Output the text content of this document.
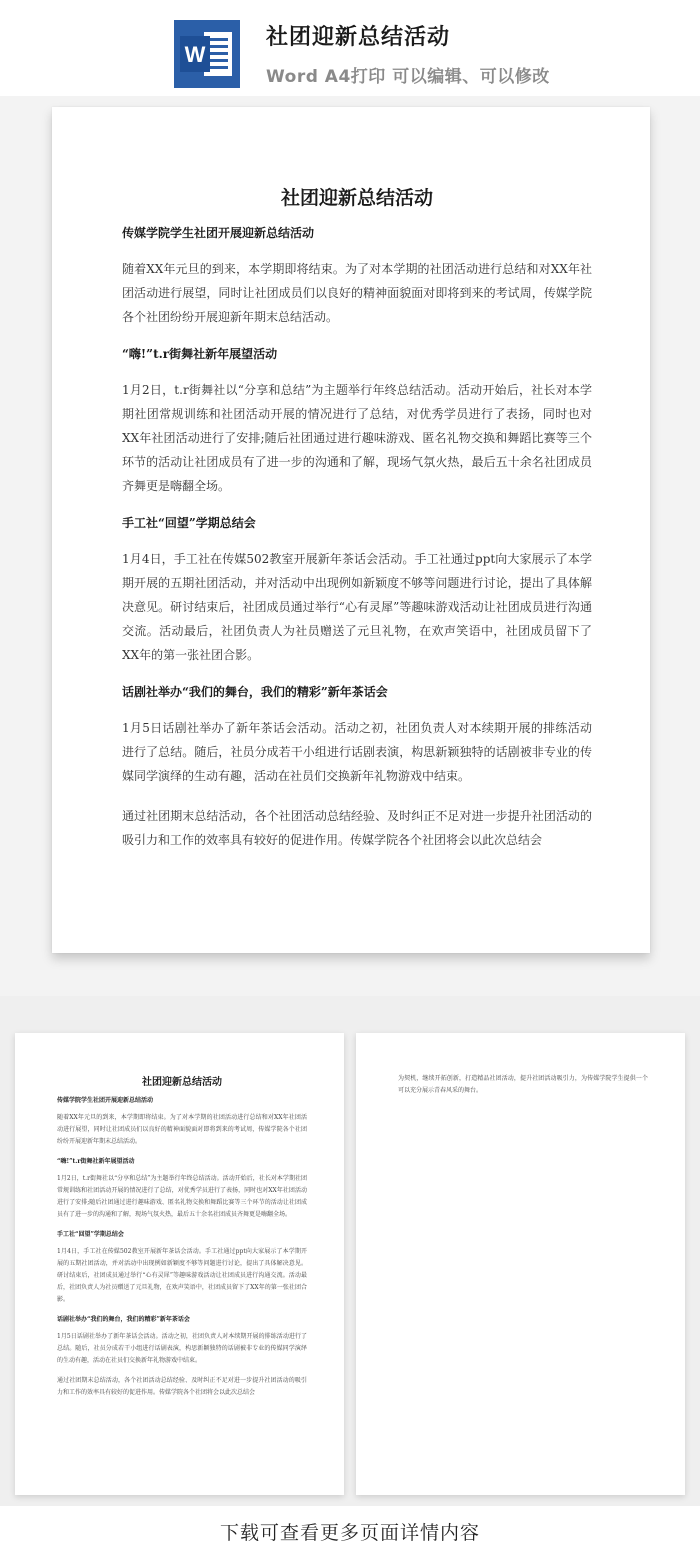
W
社团迎新总结活动
Word A4打印 可以编辑、可以修改
社团迎新总结活动
传媒学院学生社团开展迎新总结活动

随着XX年元旦的到来，本学期即将结束。为了对本学期的社团活动进行总结和对XX年社团活动进行展望，同时让社团成员们以良好的精神面貌面对即将到来的考试周，传媒学院各个社团纷纷开展迎新年期末总结活动。

“嗨!”t.r街舞社新年展望活动

1月2日，t.r街舞社以“分享和总结”为主题举行年终总结活动。活动开始后，社长对本学期社团常规训练和社团活动开展的情况进行了总结，对优秀学员进行了表扬，同时也对XX年社团活动进行了安排;随后社团通过进行趣味游戏、匿名礼物交换和舞蹈比赛等三个环节的活动让社团成员有了进一步的沟通和了解，现场气氛火热，最后五十余名社团成员齐舞更是嗨翻全场。

手工社“回望”学期总结会

1月4日，手工社在传媒502教室开展新年茶话会活动。手工社通过ppt向大家展示了本学期开展的五期社团活动，并对活动中出现例如新颖度不够等问题进行讨论，提出了具体解决意见。研讨结束后，社团成员通过举行“心有灵犀”等趣味游戏活动让社团成员进行沟通交流。活动最后，社团负责人为社员赠送了元旦礼物，在欢声笑语中，社团成员留下了XX年的第一张社团合影。

话剧社举办“我们的舞台，我们的精彩”新年茶话会

1月5日话剧社举办了新年茶话会活动。活动之初，社团负责人对本续期开展的排练活动进行了总结。随后，社员分成若干小组进行话剧表演，构思新颖独特的话剧被非专业的传媒同学演绎的生动有趣，活动在社员们交换新年礼物游戏中结束。

通过社团期末总结活动，各个社团活动总结经验、及时纠正不足对进一步提升社团活动的吸引力和工作的效率具有较好的促进作用。传媒学院各个社团将会以此次总结会

社团迎新总结活动
传媒学院学生社团开展迎新总结活动

随着XX年元旦的到来，本学期即将结束。为了对本学期的社团活动进行总结和对XX年社团活动进行展望，同时让社团成员们以良好的精神面貌面对即将到来的考试周，传媒学院各个社团纷纷开展迎新年期末总结活动。

“嗨!”t.r街舞社新年展望活动

1月2日，t.r街舞社以“分享和总结”为主题举行年终总结活动。活动开始后，社长对本学期社团常规训练和社团活动开展的情况进行了总结，对优秀学员进行了表扬，同时也对XX年社团活动进行了安排;随后社团通过进行趣味游戏、匿名礼物交换和舞蹈比赛等三个环节的活动让社团成员有了进一步的沟通和了解，现场气氛火热，最后五十余名社团成员齐舞更是嗨翻全场。

手工社“回望”学期总结会

1月4日，手工社在传媒502教室开展新年茶话会活动。手工社通过ppt向大家展示了本学期开展的五期社团活动，并对活动中出现例如新颖度不够等问题进行讨论，提出了具体解决意见。研讨结束后，社团成员通过举行“心有灵犀”等趣味游戏活动让社团成员进行沟通交流。活动最后，社团负责人为社员赠送了元旦礼物，在欢声笑语中，社团成员留下了XX年的第一张社团合影。

话剧社举办“我们的舞台，我们的精彩”新年茶话会

1月5日话剧社举办了新年茶话会活动。活动之初，社团负责人对本续期开展的排练活动进行了总结。随后，社员分成若干小组进行话剧表演，构思新颖独特的话剧被非专业的传媒同学演绎的生动有趣，活动在社员们交换新年礼物游戏中结束。

通过社团期末总结活动，各个社团活动总结经验、及时纠正不足对进一步提升社团活动的吸引力和工作的效率具有较好的促进作用。传媒学院各个社团将会以此次总结会

为契机，继续开拓创新，打造精品社团活动，提升社团活动吸引力，为传媒学院学生提供一个可以充分展示青春风采的舞台。

下载可查看更多页面详情内容
